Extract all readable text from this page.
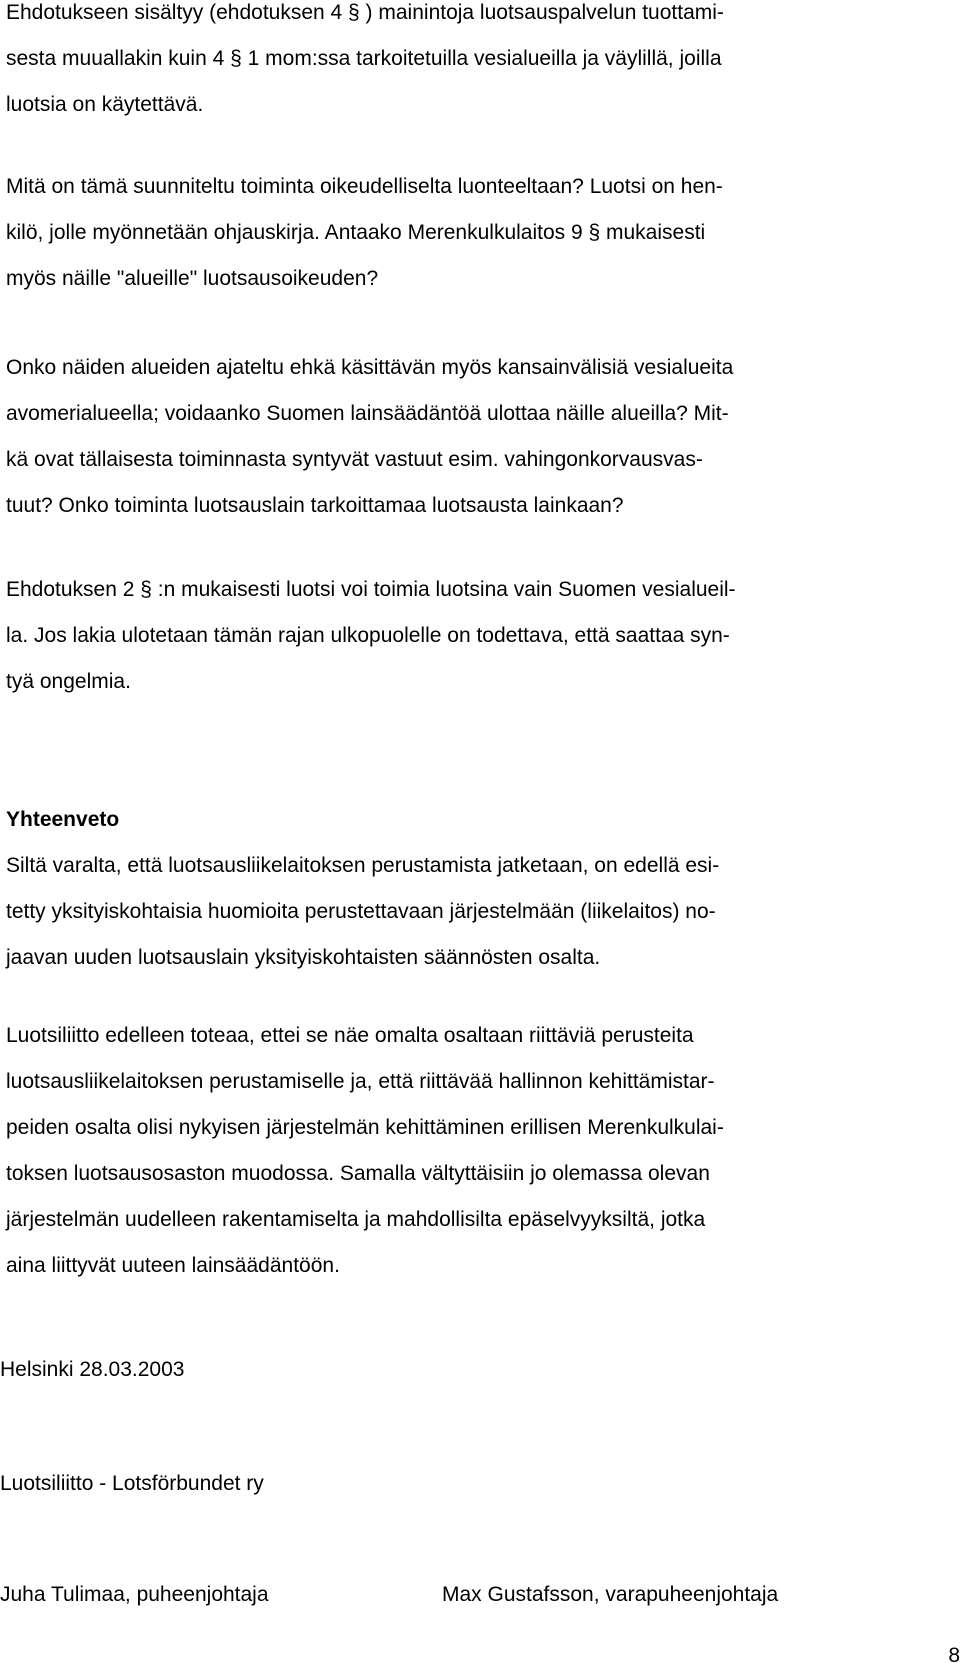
Ehdotukseen sisältyy (ehdotuksen 4 § ) mainintoja luotsauspalvelun tuottami-
sesta muuallakin kuin 4 § 1 mom:ssa tarkoitetuilla vesialueilla ja väylillä, joilla
luotsia on käytettävä.
Mitä on tämä suunniteltu toiminta oikeudelliselta luonteeltaan? Luotsi on hen-
kilö, jolle myönnetään ohjauskirja. Antaako Merenkulkulaitos 9 § mukaisesti
myös näille "alueille" luotsausoikeuden?
Onko näiden alueiden ajateltu ehkä käsittävän myös kansainvälisiä vesialueita
avomerialueella; voidaanko Suomen lainsäädäntöä ulottaa näille alueilla? Mit-
kä ovat tällaisesta toiminnasta syntyvät vastuut esim. vahingonkorvausvas-
tuut? Onko toiminta luotsauslain tarkoittamaa luotsausta lainkaan?
Ehdotuksen 2 § :n mukaisesti luotsi voi toimia luotsina vain Suomen vesialueil-
la. Jos lakia ulotetaan tämän rajan ulkopuolelle on todettava, että saattaa syn-
tyä ongelmia.
Yhteenveto
Siltä varalta, että luotsausliikelaitoksen perustamista jatketaan, on edellä esi-
tetty yksityiskohtaisia huomioita perustettavaan järjestelmään (liikelaitos) no-
jaavan uuden luotsauslain yksityiskohtaisten säännösten osalta.
Luotsiliitto edelleen toteaa, ettei se näe omalta osaltaan riittäviä perusteita
luotsausliikelaitoksen perustamiselle ja, että riittävää hallinnon kehittämistar-
peiden osalta olisi nykyisen järjestelmän kehittäminen erillisen Merenkulkulai-
toksen luotsausosaston muodossa. Samalla vältyttäisiin jo olemassa olevan
järjestelmän uudelleen rakentamiselta ja mahdollisilta epäselvyyksiltä, jotka
aina liittyvät uuteen lainsäädäntöön.
Helsinki 28.03.2003
Luotsiliitto - Lotsförbundet ry
Juha Tulimaa, puheenjohtaja	Max Gustafsson, varapuheenjohtaja
8
